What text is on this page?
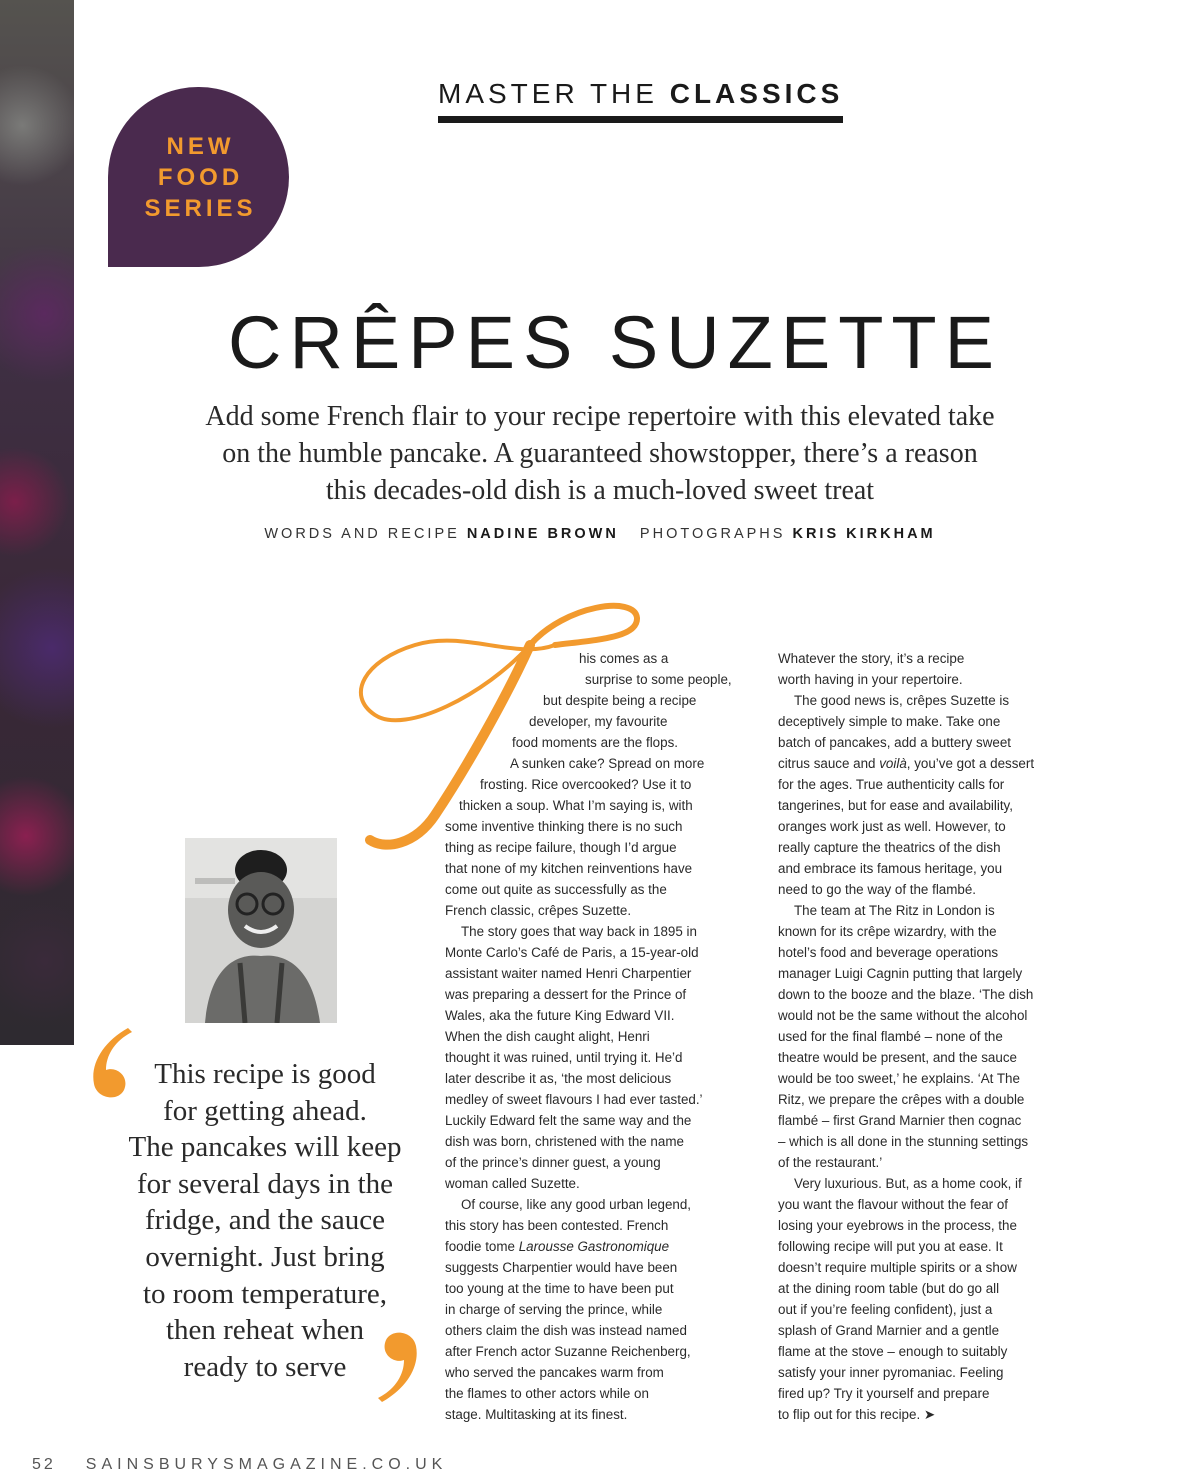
MASTER THE CLASSICS
NEW
FOOD
SERIES
CRÊPES SUZETTE
Add some French flair to your recipe repertoire with this elevated take
on the humble pancake. A guaranteed showstopper, there’s a reason
this decades-old dish is a much-loved sweet treat
WORDS AND RECIPE NADINE BROWN PHOTOGRAPHS KRIS KIRKHAM
This recipe is good
for getting ahead.
The pancakes will keep
for several days in the
fridge, and the sauce
overnight. Just bring
to room temperature,
then reheat when
ready to serve

his comes as a

surprise to some people,

but despite being a recipe

developer, my favourite

food moments are the flops.

A sunken cake? Spread on more

frosting. Rice overcooked? Use it to

thicken a soup. What I’m saying is, with

some inventive thinking there is no such

thing as recipe failure, though I’d argue

that none of my kitchen reinventions have

come out quite as successfully as the

French classic, crêpes Suzette.

The story goes that way back in 1895 in

Monte Carlo’s Café de Paris, a 15-year-old

assistant waiter named Henri Charpentier

was preparing a dessert for the Prince of

Wales, aka the future King Edward VII.

When the dish caught alight, Henri

thought it was ruined, until trying it. He’d

later describe it as, ‘the most delicious

medley of sweet flavours I had ever tasted.’

Luckily Edward felt the same way and the

dish was born, christened with the name

of the prince’s dinner guest, a young

woman called Suzette.

Of course, like any good urban legend,

this story has been contested. French

foodie tome Larousse Gastronomique

suggests Charpentier would have been

too young at the time to have been put

in charge of serving the prince, while

others claim the dish was instead named

after French actor Suzanne Reichenberg,

who served the pancakes warm from

the flames to other actors while on

stage. Multitasking at its finest.

Whatever the story, it’s a recipe

worth having in your repertoire.

The good news is, crêpes Suzette is

deceptively simple to make. Take one

batch of pancakes, add a buttery sweet

citrus sauce and voilà, you’ve got a dessert

for the ages. True authenticity calls for

tangerines, but for ease and availability,

oranges work just as well. However, to

really capture the theatrics of the dish

and embrace its famous heritage, you

need to go the way of the flambé.

The team at The Ritz in London is

known for its crêpe wizardry, with the

hotel’s food and beverage operations

manager Luigi Cagnin putting that largely

down to the booze and the blaze. ‘The dish

would not be the same without the alcohol

used for the final flambé – none of the

theatre would be present, and the sauce

would be too sweet,’ he explains. ‘At The

Ritz, we prepare the crêpes with a double

flambé – first Grand Marnier then cognac

– which is all done in the stunning settings

of the restaurant.’

Very luxurious. But, as a home cook, if

you want the flavour without the fear of

losing your eyebrows in the process, the

following recipe will put you at ease. It

doesn’t require multiple spirits or a show

at the dining room table (but do go all

out if you’re feeling confident), just a

splash of Grand Marnier and a gentle

flame at the stove – enough to suitably

satisfy your inner pyromaniac. Feeling

fired up? Try it yourself and prepare

to flip out for this recipe. ➤

52 SAINSBURYSMAGAZINE.CO.UK
